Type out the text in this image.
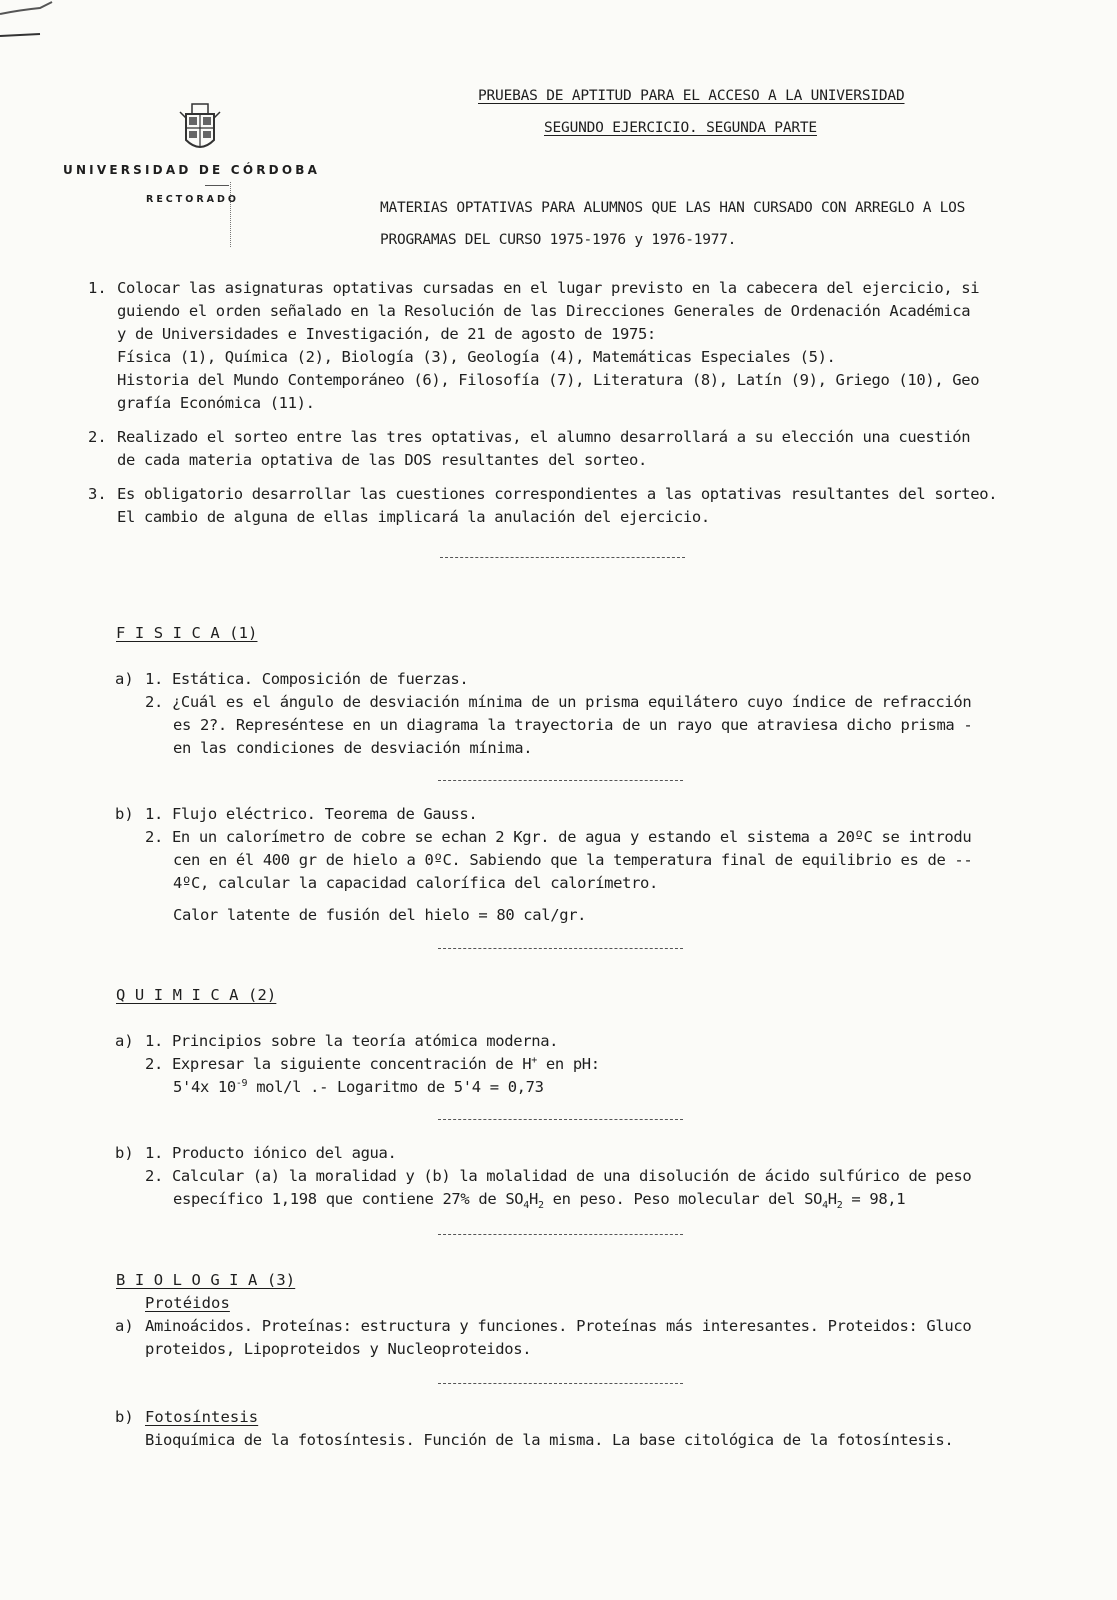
UNIVERSIDAD DE CÓRDOBA
RECTORADO
PRUEBAS DE APTITUD PARA EL ACCESO A LA UNIVERSIDAD
SEGUNDO EJERCICIO. SEGUNDA PARTE
MATERIAS OPTATIVAS PARA ALUMNOS QUE LAS HAN CURSADO CON ARREGLO A LOS
PROGRAMAS DEL CURSO 1975-1976 y 1976-1977.
1. Colocar las asignaturas optativas cursadas en el lugar previsto en la cabecera del ejercicio, si
guiendo el orden señalado en la Resolución de las Direcciones Generales de Ordenación Académica
y de Universidades e Investigación, de 21 de agosto de 1975:
Física (1), Química (2), Biología (3), Geología (4), Matemáticas Especiales (5).
Historia del Mundo Contemporáneo (6), Filosofía (7), Literatura (8), Latín (9), Griego (10), Geo
grafía Económica (11).
2. Realizado el sorteo entre las tres optativas, el alumno desarrollará a su elección una cuestión
de cada materia optativa de las DOS resultantes del sorteo.
3. Es obligatorio desarrollar las cuestiones correspondientes a las optativas resultantes del sorteo.
El cambio de alguna de ellas implicará la anulación del ejercicio.
F I S I C A (1)
a) 1. Estática. Composición de fuerzas.
2. ¿Cuál es el ángulo de desviación mínima de un prisma equilátero cuyo índice de refracción
es 2?. Represéntese en un diagrama la trayectoria de un rayo que atraviesa dicho prisma -
en las condiciones de desviación mínima.
b) 1. Flujo eléctrico. Teorema de Gauss.
2. En un calorímetro de cobre se echan 2 Kgr. de agua y estando el sistema a 20ºC se introdu
cen en él 400 gr de hielo a 0ºC. Sabiendo que la temperatura final de equilibrio es de --
4ºC, calcular la capacidad calorífica del calorímetro.
Calor latente de fusión del hielo = 80 cal/gr.
Q U I M I C A (2)
a) 1. Principios sobre la teoría atómica moderna.
2. Expresar la siguiente concentración de H+ en pH:
5'4x $10^{-9}$ mol/l .- Logaritmo de 5'4 = 0,73
b) 1. Producto iónico del agua.
2. Calcular (a) la moralidad y (b) la molalidad de una disolución de ácido sulfúrico de peso
específico 1,198 que contiene 27% de $SO_4H_2$ en peso. Peso molecular del $SO_4H_2 = 98,1$
B I O L O G I A (3)
Protéidos
a) Aminoácidos. Proteínas: estructura y funciones. Proteínas más interesantes. Proteidos: Gluco
proteidos, Lipoproteidos y Nucleoproteidos.
b) Fotosíntesis
Bioquímica de la fotosíntesis. Función de la misma. La base citológica de la fotosíntesis.
